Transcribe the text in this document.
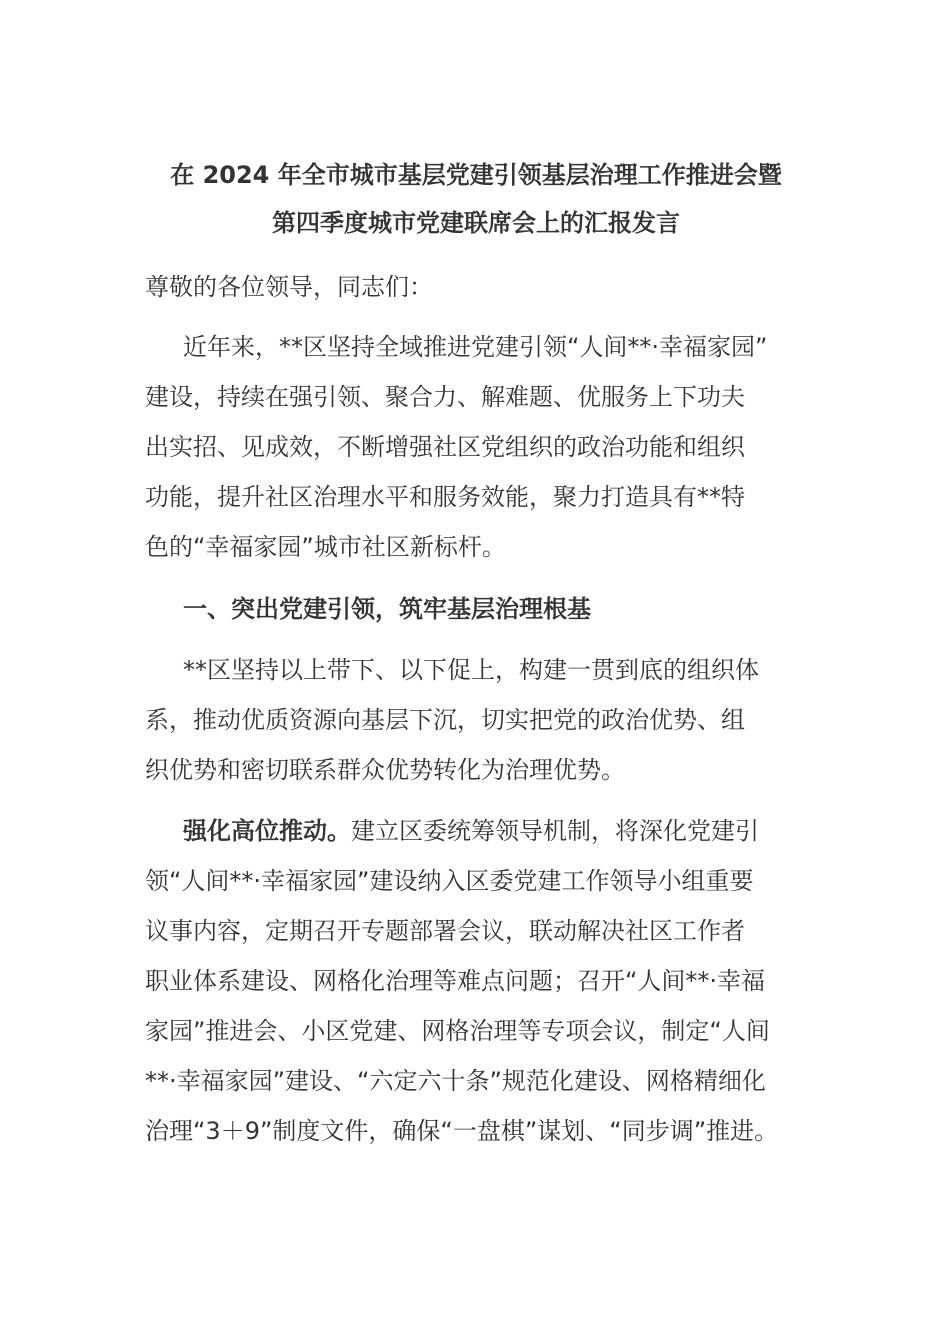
在 2024 年全市城市基层党建引领基层治理工作推进会暨
第四季度城市党建联席会上的汇报发言
尊敬的各位领导，同志们：
近年来，**区坚持全域推进党建引领“人间**·幸福家园”
建设，持续在强引领、聚合力、解难题、优服务上下功夫
出实招、见成效，不断增强社区党组织的政治功能和组织
功能，提升社区治理水平和服务效能，聚力打造具有**特
色的“幸福家园”城市社区新标杆。
一、突出党建引领，筑牢基层治理根基
**区坚持以上带下、以下促上，构建一贯到底的组织体
系，推动优质资源向基层下沉，切实把党的政治优势、组
织优势和密切联系群众优势转化为治理优势。
强化高位推动。建立区委统筹领导机制，将深化党建引
领“人间**·幸福家园”建设纳入区委党建工作领导小组重要
议事内容，定期召开专题部署会议，联动解决社区工作者
职业体系建设、网格化治理等难点问题；召开“人间**·幸福
家园”推进会、小区党建、网格治理等专项会议，制定“人间
**·幸福家园”建设、“六定六十条”规范化建设、网格精细化
治理“3＋9”制度文件，确保“一盘棋”谋划、“同步调”推进。
